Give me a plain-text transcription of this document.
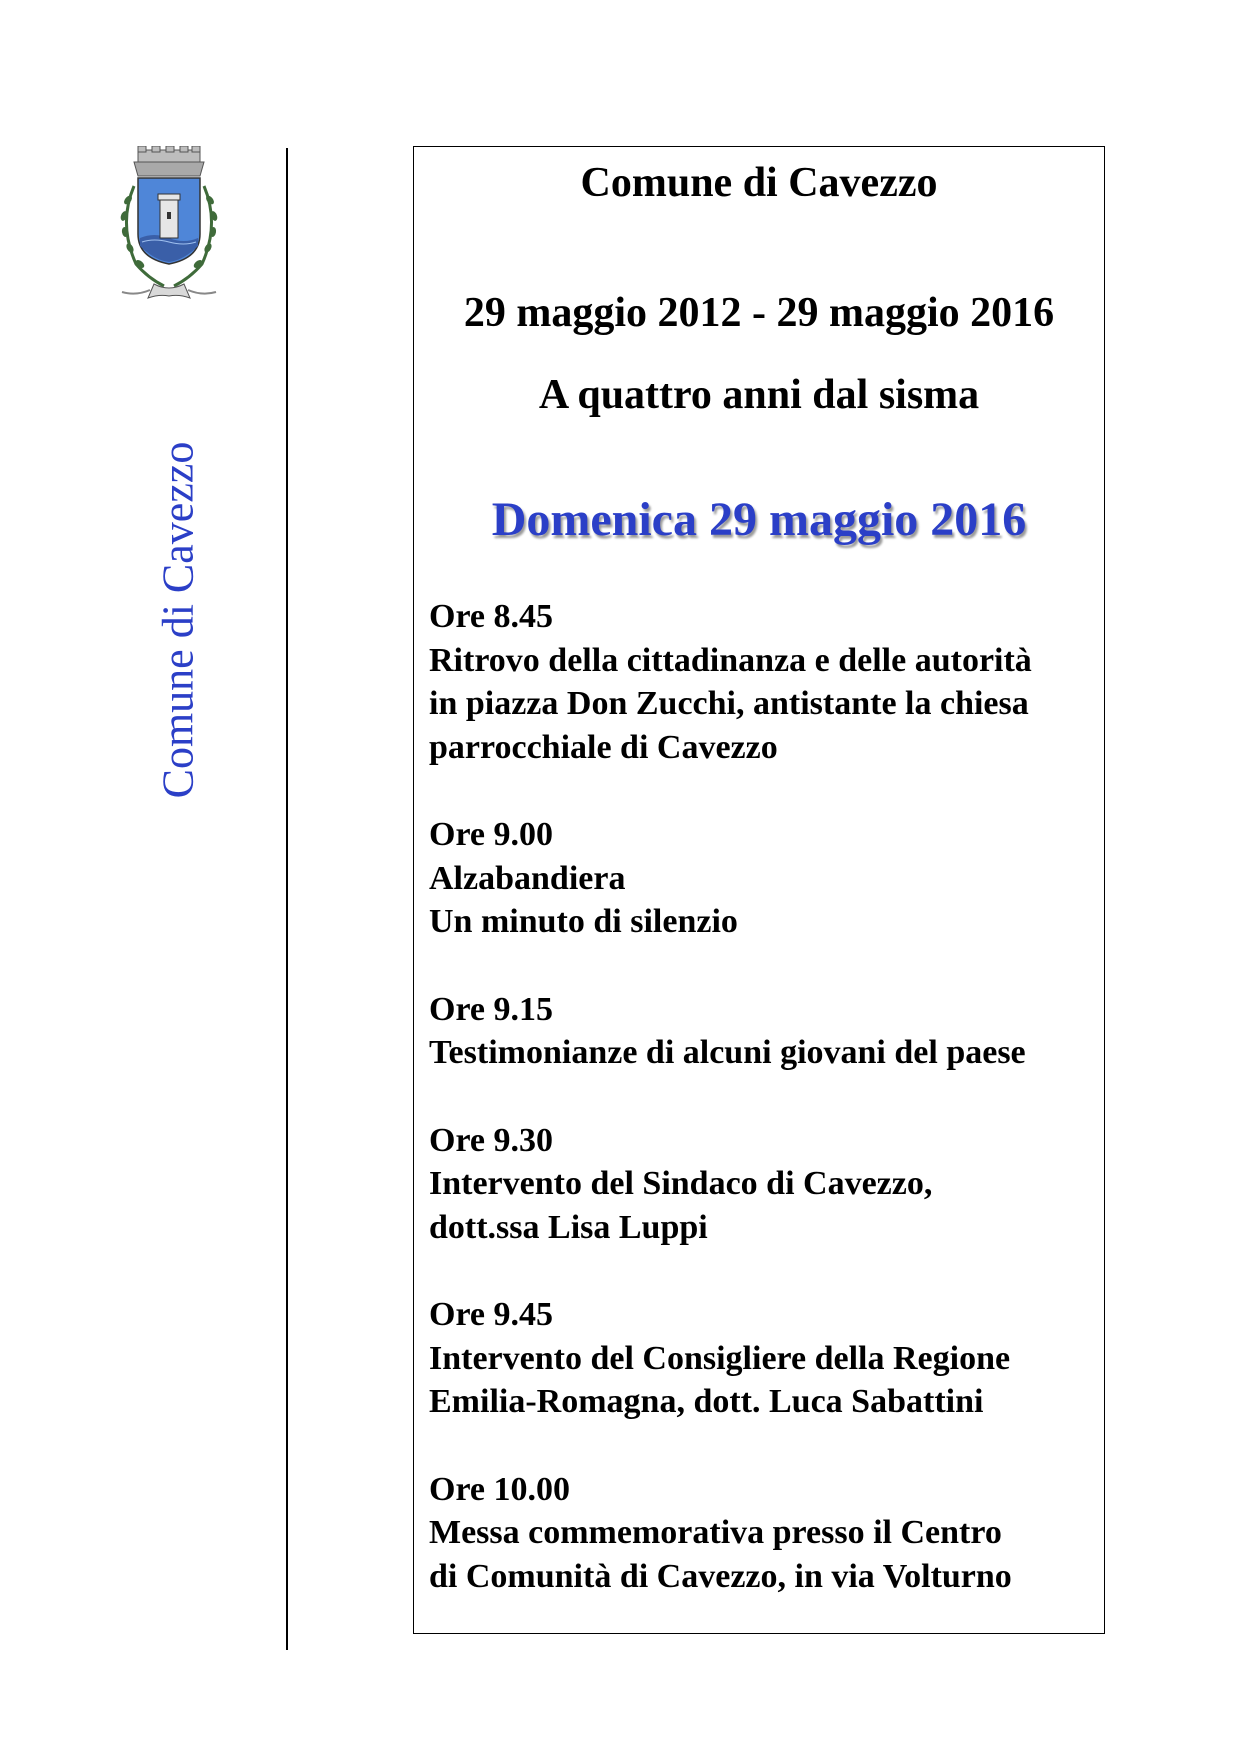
Comune di Cavezzo
Comune di Cavezzo
29 maggio 2012 - 29 maggio 2016
A quattro anni dal sisma
Domenica 29 maggio 2016
Ore 8.45
Ritrovo della cittadinanza e delle autorità
in piazza Don Zucchi, antistante la chiesa
parrocchiale di Cavezzo
Ore 9.00
Alzabandiera
Un minuto di silenzio
Ore 9.15
Testimonianze di alcuni giovani del paese
Ore 9.30
Intervento del Sindaco di Cavezzo,
dott.ssa Lisa Luppi
Ore 9.45
Intervento del Consigliere della Regione
Emilia-Romagna, dott. Luca Sabattini
Ore 10.00
Messa commemorativa presso il Centro
di Comunità di Cavezzo, in via Volturno
